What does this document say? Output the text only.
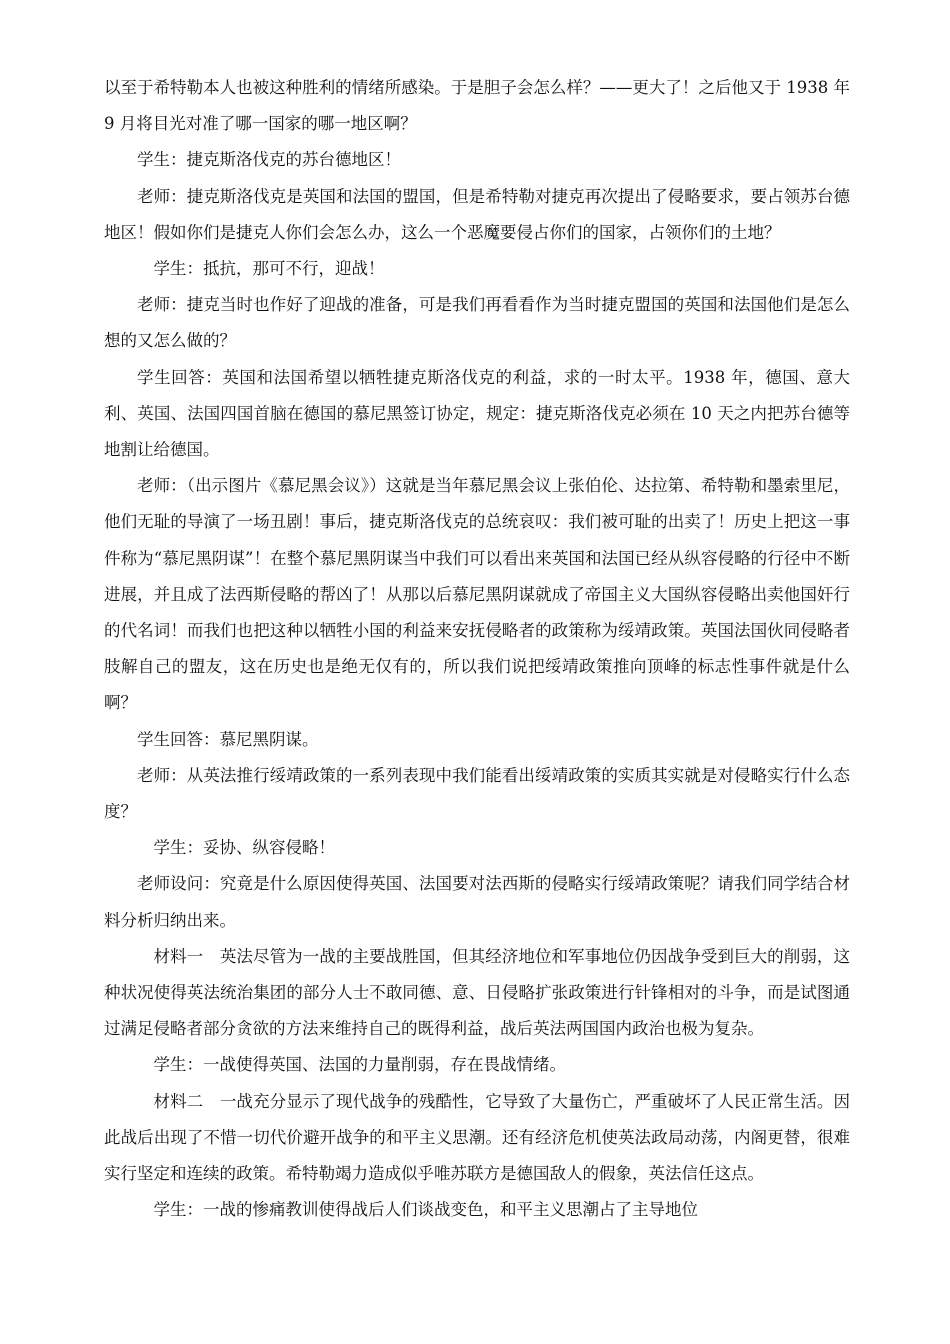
以至于希特勒本人也被这种胜利的情绪所感染。于是胆子会怎么样？——更大了！之后他又于 1938 年 9 月将目光对准了哪一国家的哪一地区啊？

学生：捷克斯洛伐克的苏台德地区！

老师：捷克斯洛伐克是英国和法国的盟国，但是希特勒对捷克再次提出了侵略要求，要占领苏台德地区！假如你们是捷克人你们会怎么办，这么一个恶魔要侵占你们的国家，占领你们的土地？

学生：抵抗，那可不行，迎战！

老师：捷克当时也作好了迎战的准备，可是我们再看看作为当时捷克盟国的英国和法国他们是怎么想的又怎么做的？

学生回答：英国和法国希望以牺牲捷克斯洛伐克的利益，求的一时太平。1938 年，德国、意大利、英国、法国四国首脑在德国的慕尼黑签订协定，规定：捷克斯洛伐克必须在 10 天之内把苏台德等地割让给德国。

老师：（出示图片《慕尼黑会议》）这就是当年慕尼黑会议上张伯伦、达拉第、希特勒和墨索里尼，他们无耻的导演了一场丑剧！事后，捷克斯洛伐克的总统哀叹：我们被可耻的出卖了！历史上把这一事件称为“慕尼黑阴谋”！在整个慕尼黑阴谋当中我们可以看出来英国和法国已经从纵容侵略的行径中不断进展，并且成了法西斯侵略的帮凶了！从那以后慕尼黑阴谋就成了帝国主义大国纵容侵略出卖他国奸行的代名词！而我们也把这种以牺牲小国的利益来安抚侵略者的政策称为绥靖政策。英国法国伙同侵略者肢解自己的盟友，这在历史也是绝无仅有的，所以我们说把绥靖政策推向顶峰的标志性事件就是什么啊？

学生回答：慕尼黑阴谋。

老师：从英法推行绥靖政策的一系列表现中我们能看出绥靖政策的实质其实就是对侵略实行什么态度？

学生：妥协、纵容侵略！

老师设问：究竟是什么原因使得英国、法国要对法西斯的侵略实行绥靖政策呢？请我们同学结合材料分析归纳出来。

材料一　英法尽管为一战的主要战胜国，但其经济地位和军事地位仍因战争受到巨大的削弱，这种状况使得英法统治集团的部分人士不敢同德、意、日侵略扩张政策进行针锋相对的斗争，而是试图通过满足侵略者部分贪欲的方法来维持自己的既得利益，战后英法两国国内政治也极为复杂。

学生：一战使得英国、法国的力量削弱，存在畏战情绪。

材料二　一战充分显示了现代战争的残酷性，它导致了大量伤亡，严重破坏了人民正常生活。因此战后出现了不惜一切代价避开战争的和平主义思潮。还有经济危机使英法政局动荡，内阁更替，很难实行坚定和连续的政策。希特勒竭力造成似乎唯苏联方是德国敌人的假象，英法信任这点。

学生：一战的惨痛教训使得战后人们谈战变色，和平主义思潮占了主导地位
